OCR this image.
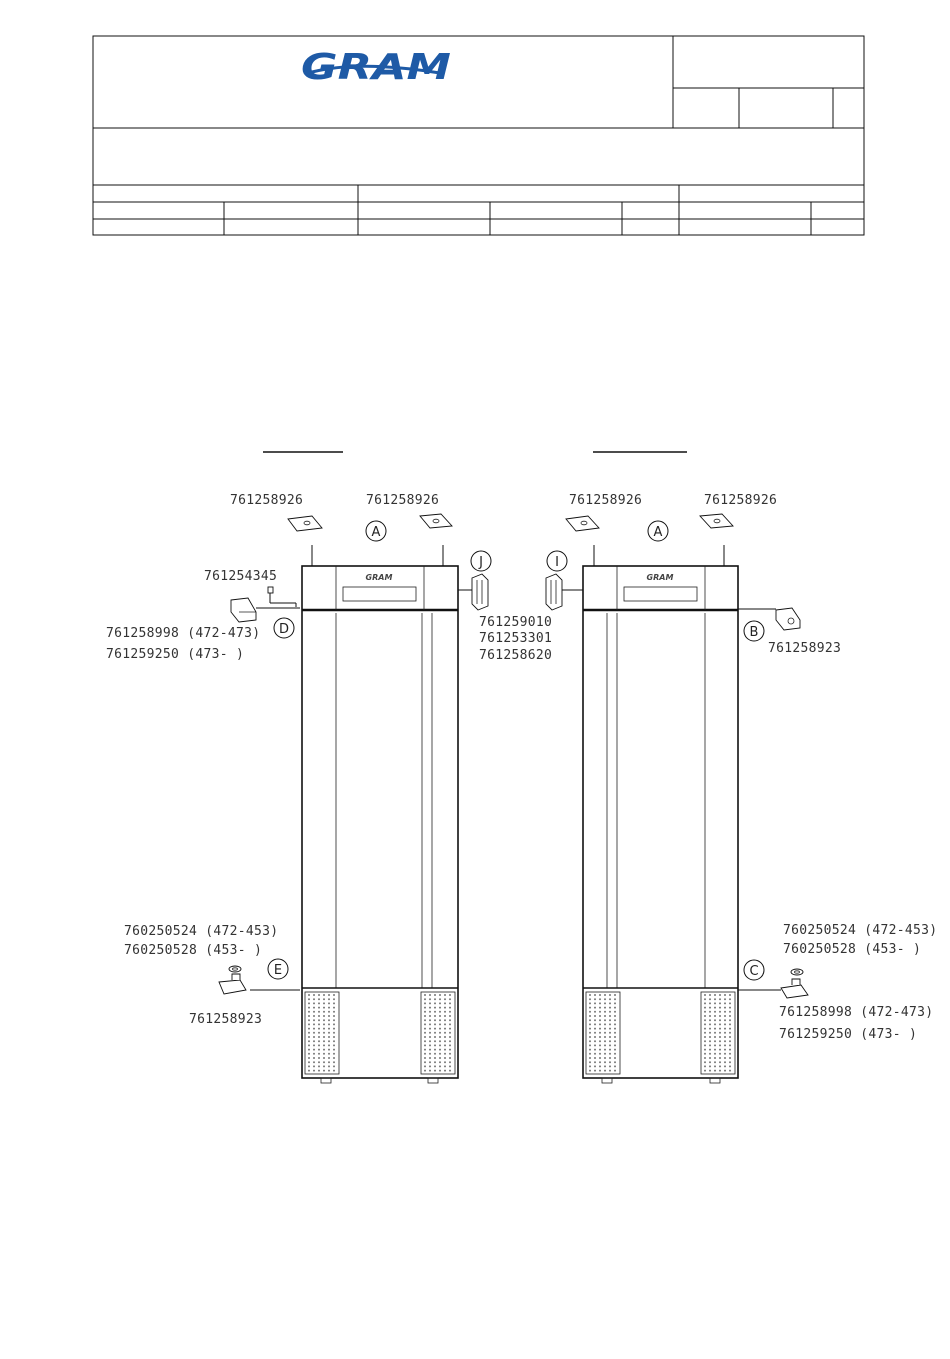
GRAM
GRAM
761258926	761258926
A
761254345
D
761258998 (472-473)
761259250 (473- )
J
761259010
761253301
761258620
760250524 (472-453)
760250528 (453- )
E
761258923
GRAM
761258926	761258926
A
I
B
761258923
760250524 (472-453)
760250528 (453- )
C
761258998 (472-473)
761259250 (473- )
